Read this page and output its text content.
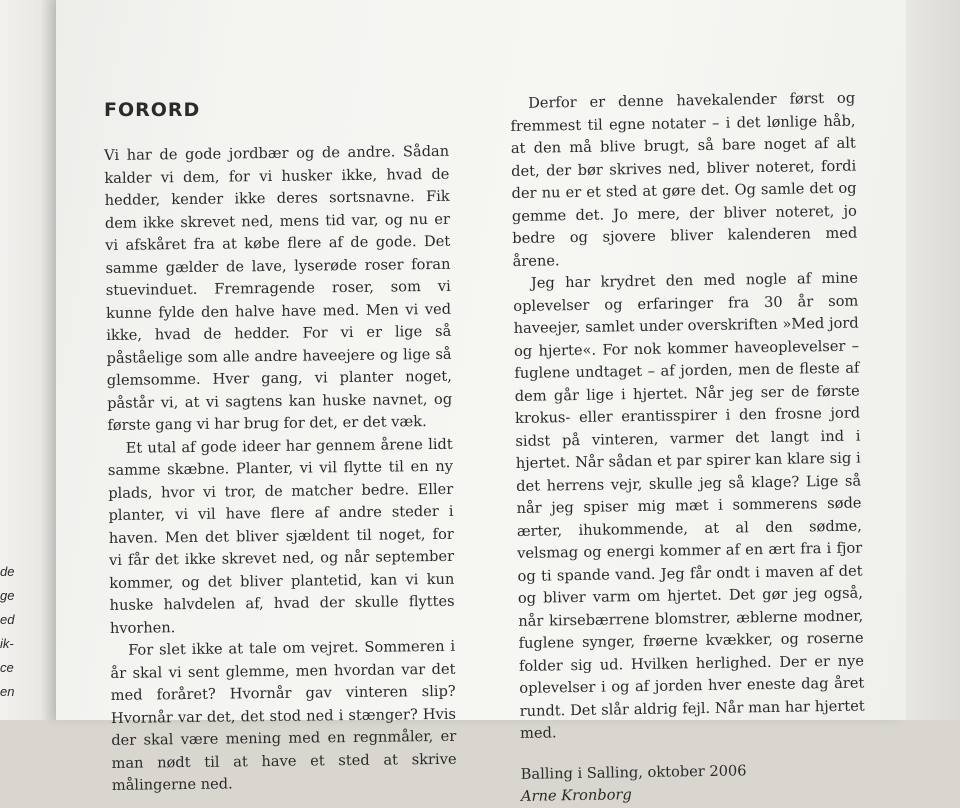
de
ge
ed
ik-
ce
en
FORORD

Vi har de gode jordbær og de andre. Sådan kalder vi dem, for vi husker ikke, hvad de hedder, kender ikke deres sortsnavne. Fik dem ikke skrevet ned, mens tid var, og nu er vi afskåret fra at købe flere af de gode. Det samme gælder de lave, lyserøde roser foran stuevinduet. Fremragende roser, som vi kunne fylde den halve have med. Men vi ved ikke, hvad de hedder. For vi er lige så påståelige som alle andre haveejere og lige så glemsomme. Hver gang, vi planter noget, påstår vi, at vi sagtens kan huske navnet, og første gang vi har brug for det, er det væk.

Et utal af gode ideer har gennem årene lidt samme skæbne. Planter, vi vil flytte til en ny plads, hvor vi tror, de matcher bedre. Eller planter, vi vil have flere af andre steder i haven. Men det bliver sjældent til noget, for vi får det ikke skrevet ned, og når september kommer, og det bliver plantetid, kan vi kun huske halvdelen af, hvad der skulle flyttes hvorhen.

For slet ikke at tale om vejret. Sommeren i år skal vi sent glemme, men hvordan var det med foråret? Hvornår gav vinteren slip? Hvornår var det, det stod ned i stænger? Hvis der skal være mening med en regnmåler, er man nødt til at have et sted at skrive målingerne ned.

Derfor er denne havekalender først og fremmest til egne notater – i det lønlige håb, at den må blive brugt, så bare noget af alt det, der bør skrives ned, bliver noteret, fordi der nu er et sted at gøre det. Og samle det og gemme det. Jo mere, der bliver noteret, jo bedre og sjovere bliver kalenderen med årene.

Jeg har krydret den med nogle af mine oplevelser og erfaringer fra 30 år som haveejer, samlet under overskriften »Med jord og hjerte«. For nok kommer haveoplevelser – fuglene undtaget – af jorden, men de fleste af dem går lige i hjertet. Når jeg ser de første krokus- eller erantisspirer i den frosne jord sidst på vinteren, varmer det langt ind i hjertet. Når sådan et par spirer kan klare sig i det herrens vejr, skulle jeg så klage? Lige så når jeg spiser mig mæt i sommerens søde ærter, ihukommende, at al den sødme, velsmag og energi kommer af en ært fra i fjor og ti spande vand. Jeg får ondt i maven af det og bliver varm om hjertet. Det gør jeg også, når kirsebærrene blomstrer, æblerne modner, fuglene synger, frøerne kvækker, og roserne folder sig ud. Hvilken herlighed. Der er nye oplevelser i og af jorden hver eneste dag året rundt. Det slår aldrig fejl. Når man har hjertet med.

Balling i Salling, oktober 2006
Arne Kronborg
